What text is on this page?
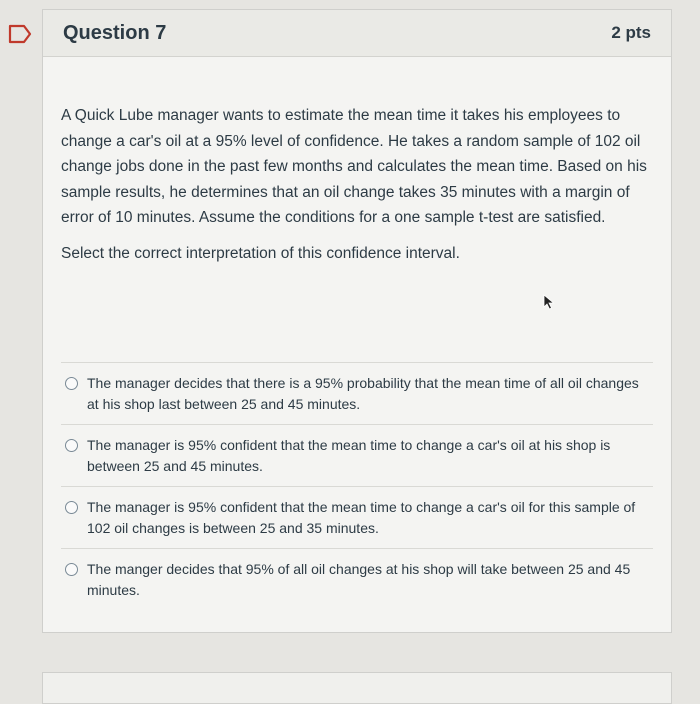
Question 7	2 pts

A Quick Lube manager wants to estimate the mean time it takes his employees to change a car's oil at a 95% level of confidence. He takes a random sample of 102 oil change jobs done in the past few months and calculates the mean time. Based on his sample results, he determines that an oil change takes 35 minutes with a margin of error of 10 minutes. Assume the conditions for a one sample t-test are satisfied.

Select the correct interpretation of this confidence interval.

The manager decides that there is a 95% probability that the mean time of all oil changes at his shop last between 25 and 45 minutes.
The manager is 95% confident that the mean time to change a car's oil at his shop is between 25 and 45 minutes.
The manager is 95% confident that the mean time to change a car's oil for this sample of 102 oil changes is between 25 and 35 minutes.
The manger decides that 95% of all oil changes at his shop will take between 25 and 45 minutes.
